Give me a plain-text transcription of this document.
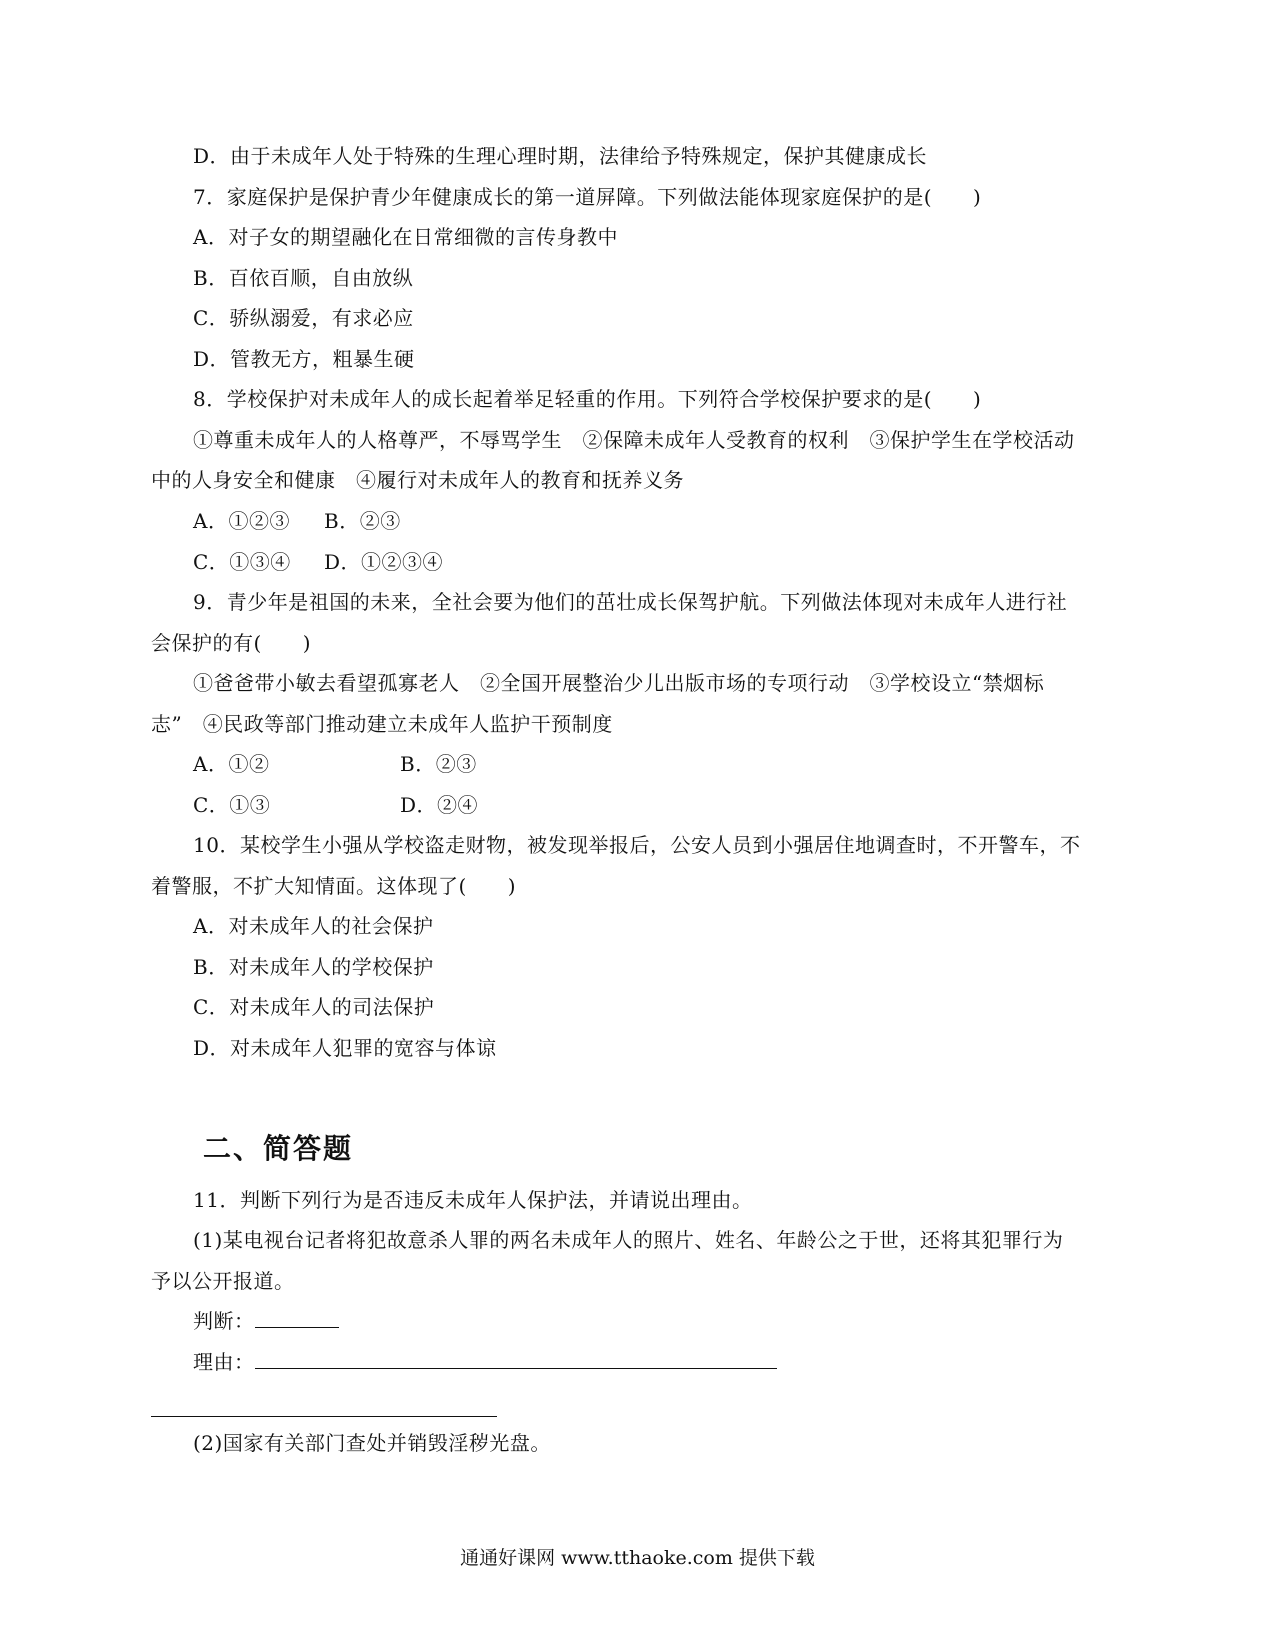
D．由于未成年人处于特殊的生理心理时期，法律给予特殊规定，保护其健康成长
7．家庭保护是保护青少年健康成长的第一道屏障。下列做法能体现家庭保护的是(　　)
A．对子女的期望融化在日常细微的言传身教中
B．百依百顺，自由放纵
C．骄纵溺爱，有求必应
D．管教无方，粗暴生硬
8．学校保护对未成年人的成长起着举足轻重的作用。下列符合学校保护要求的是(　　)
①尊重未成年人的人格尊严，不辱骂学生　②保障未成年人受教育的权利　③保护学生在学校活动
中的人身安全和健康　④履行对未成年人的教育和抚养义务
A．①②③ B．②③
C．①③④ D．①②③④
9．青少年是祖国的未来，全社会要为他们的茁壮成长保驾护航。下列做法体现对未成年人进行社
会保护的有(　　)
①爸爸带小敏去看望孤寡老人　②全国开展整治少儿出版市场的专项行动　③学校设立“禁烟标
志”　④民政等部门推动建立未成年人监护干预制度
A．①②	B．②③
C．①③	D．②④
10．某校学生小强从学校盗走财物，被发现举报后，公安人员到小强居住地调查时，不开警车，不
着警服，不扩大知情面。这体现了(　　)
A．对未成年人的社会保护
B．对未成年人的学校保护
C．对未成年人的司法保护
D．对未成年人犯罪的宽容与体谅
二、简答题
11．判断下列行为是否违反未成年人保护法，并请说出理由。
(1)某电视台记者将犯故意杀人罪的两名未成年人的照片、姓名、年龄公之于世，还将其犯罪行为
予以公开报道。
判断：
理由：
(2)国家有关部门查处并销毁淫秽光盘。
通通好课网 www.tthaoke.com 提供下载
